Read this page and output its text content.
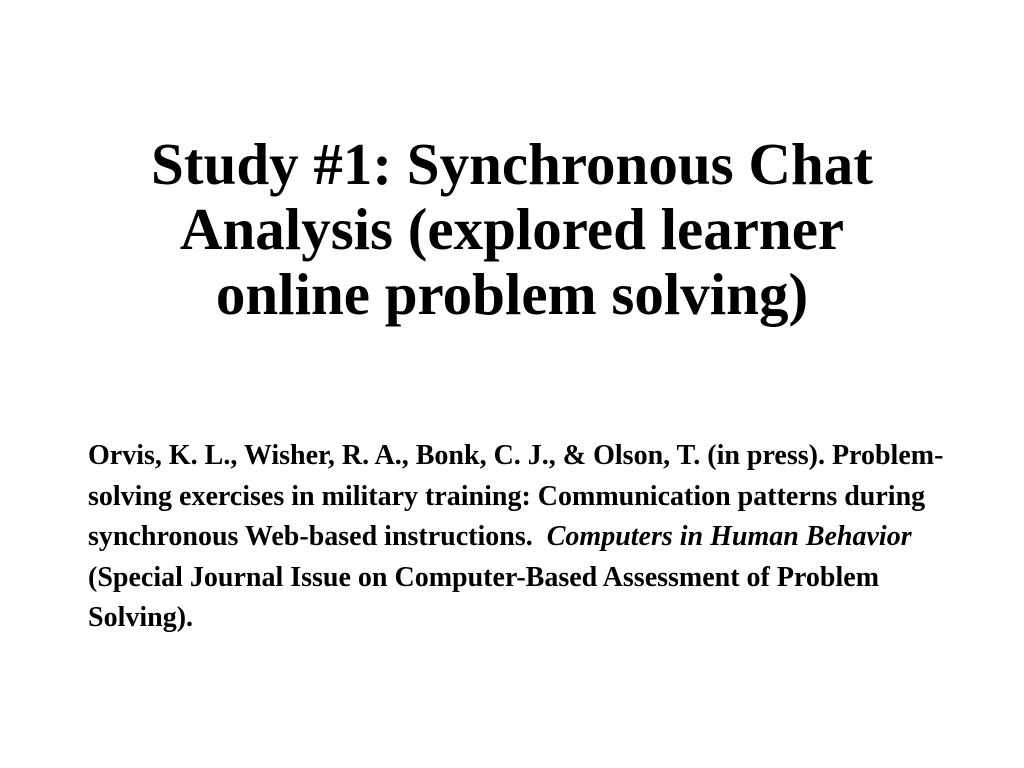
Study #1: Synchronous Chat
Analysis (explored learner
online problem solving)

Orvis, K. L., Wisher, R. A., Bonk, C. J., & Olson, T. (in press). Problem-solving exercises in military training: Communication patterns during synchronous Web-based instructions. Computers in Human Behavior (Special Journal Issue on Computer-Based Assessment of Problem Solving).
